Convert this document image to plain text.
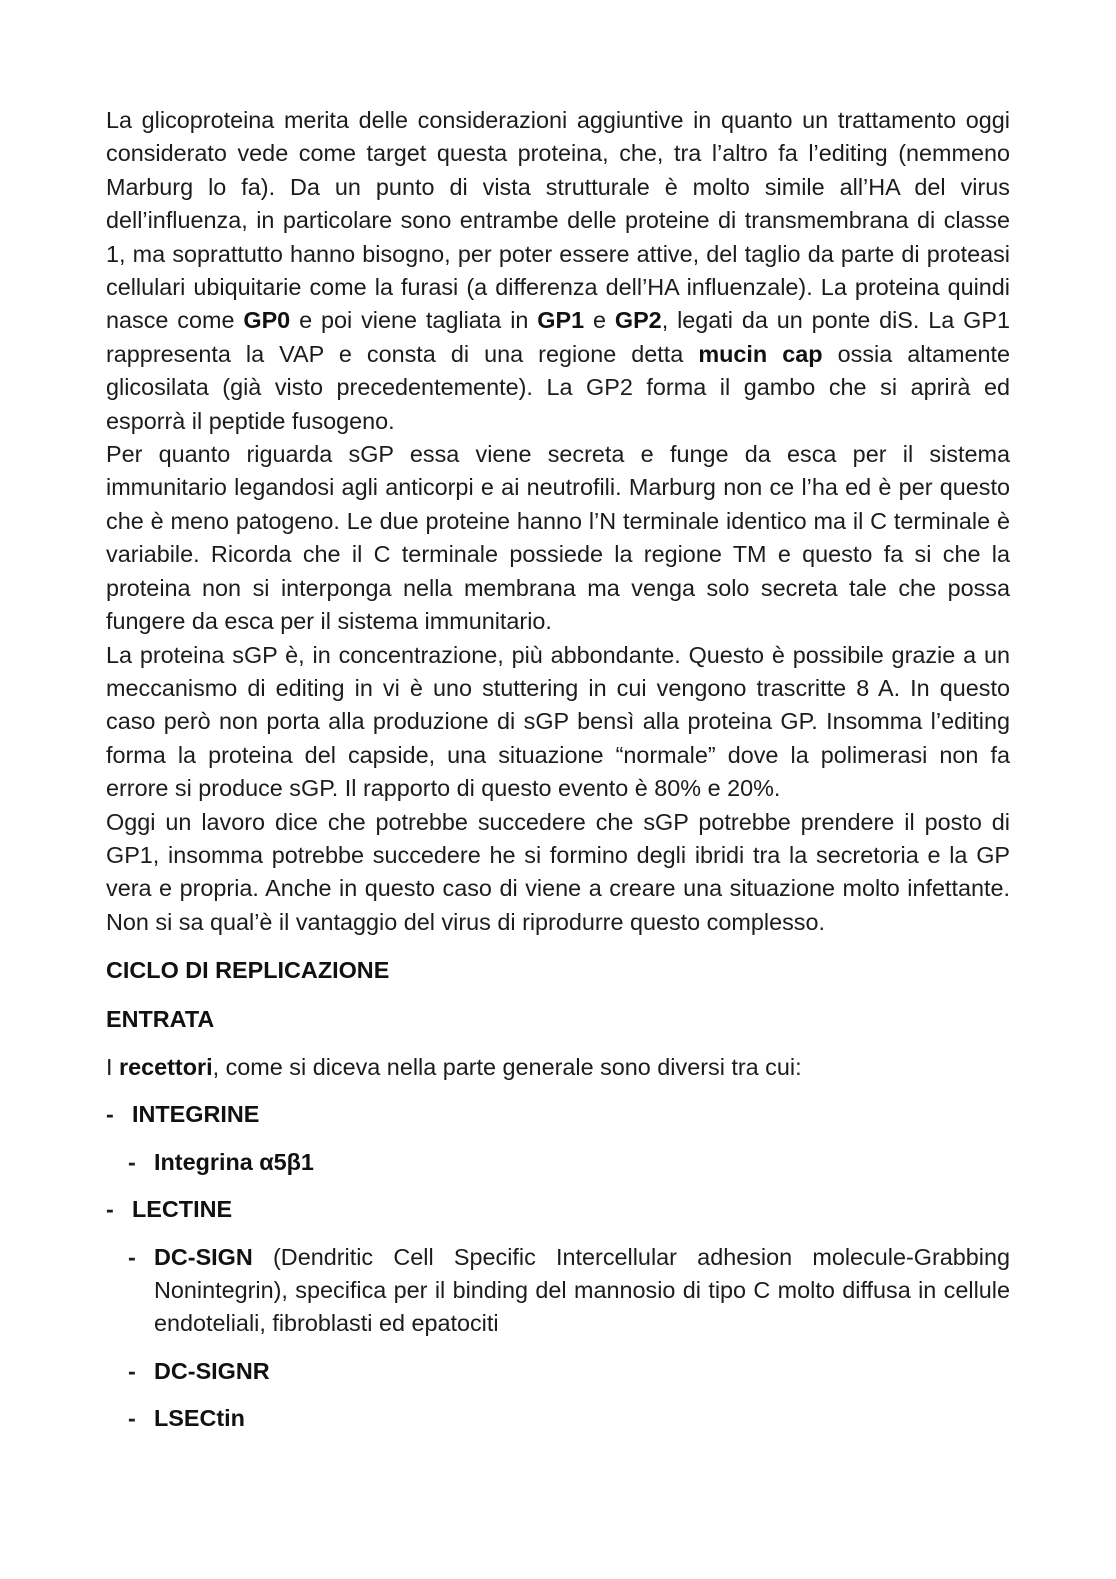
La glicoproteina merita delle considerazioni aggiuntive in quanto un trattamento oggi considerato vede come target questa proteina, che, tra l’altro fa l’editing (nemmeno Marburg lo fa). Da un punto di vista strutturale è molto simile all’HA del virus dell’influenza, in particolare sono entrambe delle proteine di transmembrana di classe 1, ma soprattutto hanno bisogno, per poter essere attive, del taglio da parte di proteasi cellulari ubiquitarie come la furasi (a differenza dell’HA influenzale). La proteina quindi nasce come GP0 e poi viene tagliata in GP1 e GP2, legati da un ponte diS. La GP1 rappresenta la VAP e consta di una regione detta mucin cap ossia altamente glicosilata (già visto precedentemente). La GP2 forma il gambo che si aprirà ed esporrà il peptide fusogeno.

Per quanto riguarda sGP essa viene secreta e funge da esca per il sistema immunitario legandosi agli anticorpi e ai neutrofili. Marburg non ce l’ha ed è per questo che è meno patogeno. Le due proteine hanno l’N terminale identico ma il C terminale è variabile. Ricorda che il C terminale possiede la regione TM e questo fa si che la proteina non si interponga nella membrana ma venga solo secreta tale che possa fungere da esca per il sistema immunitario.

La proteina sGP è, in concentrazione, più abbondante. Questo è possibile grazie a un meccanismo di editing in vi è uno stuttering in cui vengono trascritte 8 A. In questo caso però non porta alla produzione di sGP bensì alla proteina GP. Insomma l’editing forma la proteina del capside, una situazione “normale” dove la polimerasi non fa errore si produce sGP. Il rapporto di questo evento è 80% e 20%.

Oggi un lavoro dice che potrebbe succedere che sGP potrebbe prendere il posto di GP1, insomma potrebbe succedere he si formino degli ibridi tra la secretoria e la GP vera e propria. Anche in questo caso di viene a creare una situazione molto infettante. Non si sa qual’è il vantaggio del virus di riprodurre questo complesso.

CICLO DI REPLICAZIONE

ENTRATA

I recettori, come si diceva nella parte generale sono diversi tra cui:

- INTEGRINE
- Integrina α5β1
- LECTINE
- DC-SIGN (Dendritic Cell Specific Intercellular adhesion molecule-Grabbing Nonintegrin), specifica per il binding del mannosio di tipo C molto diffusa in cellule endoteliali, fibroblasti ed epatociti
- DC-SIGNR
- LSECtin
